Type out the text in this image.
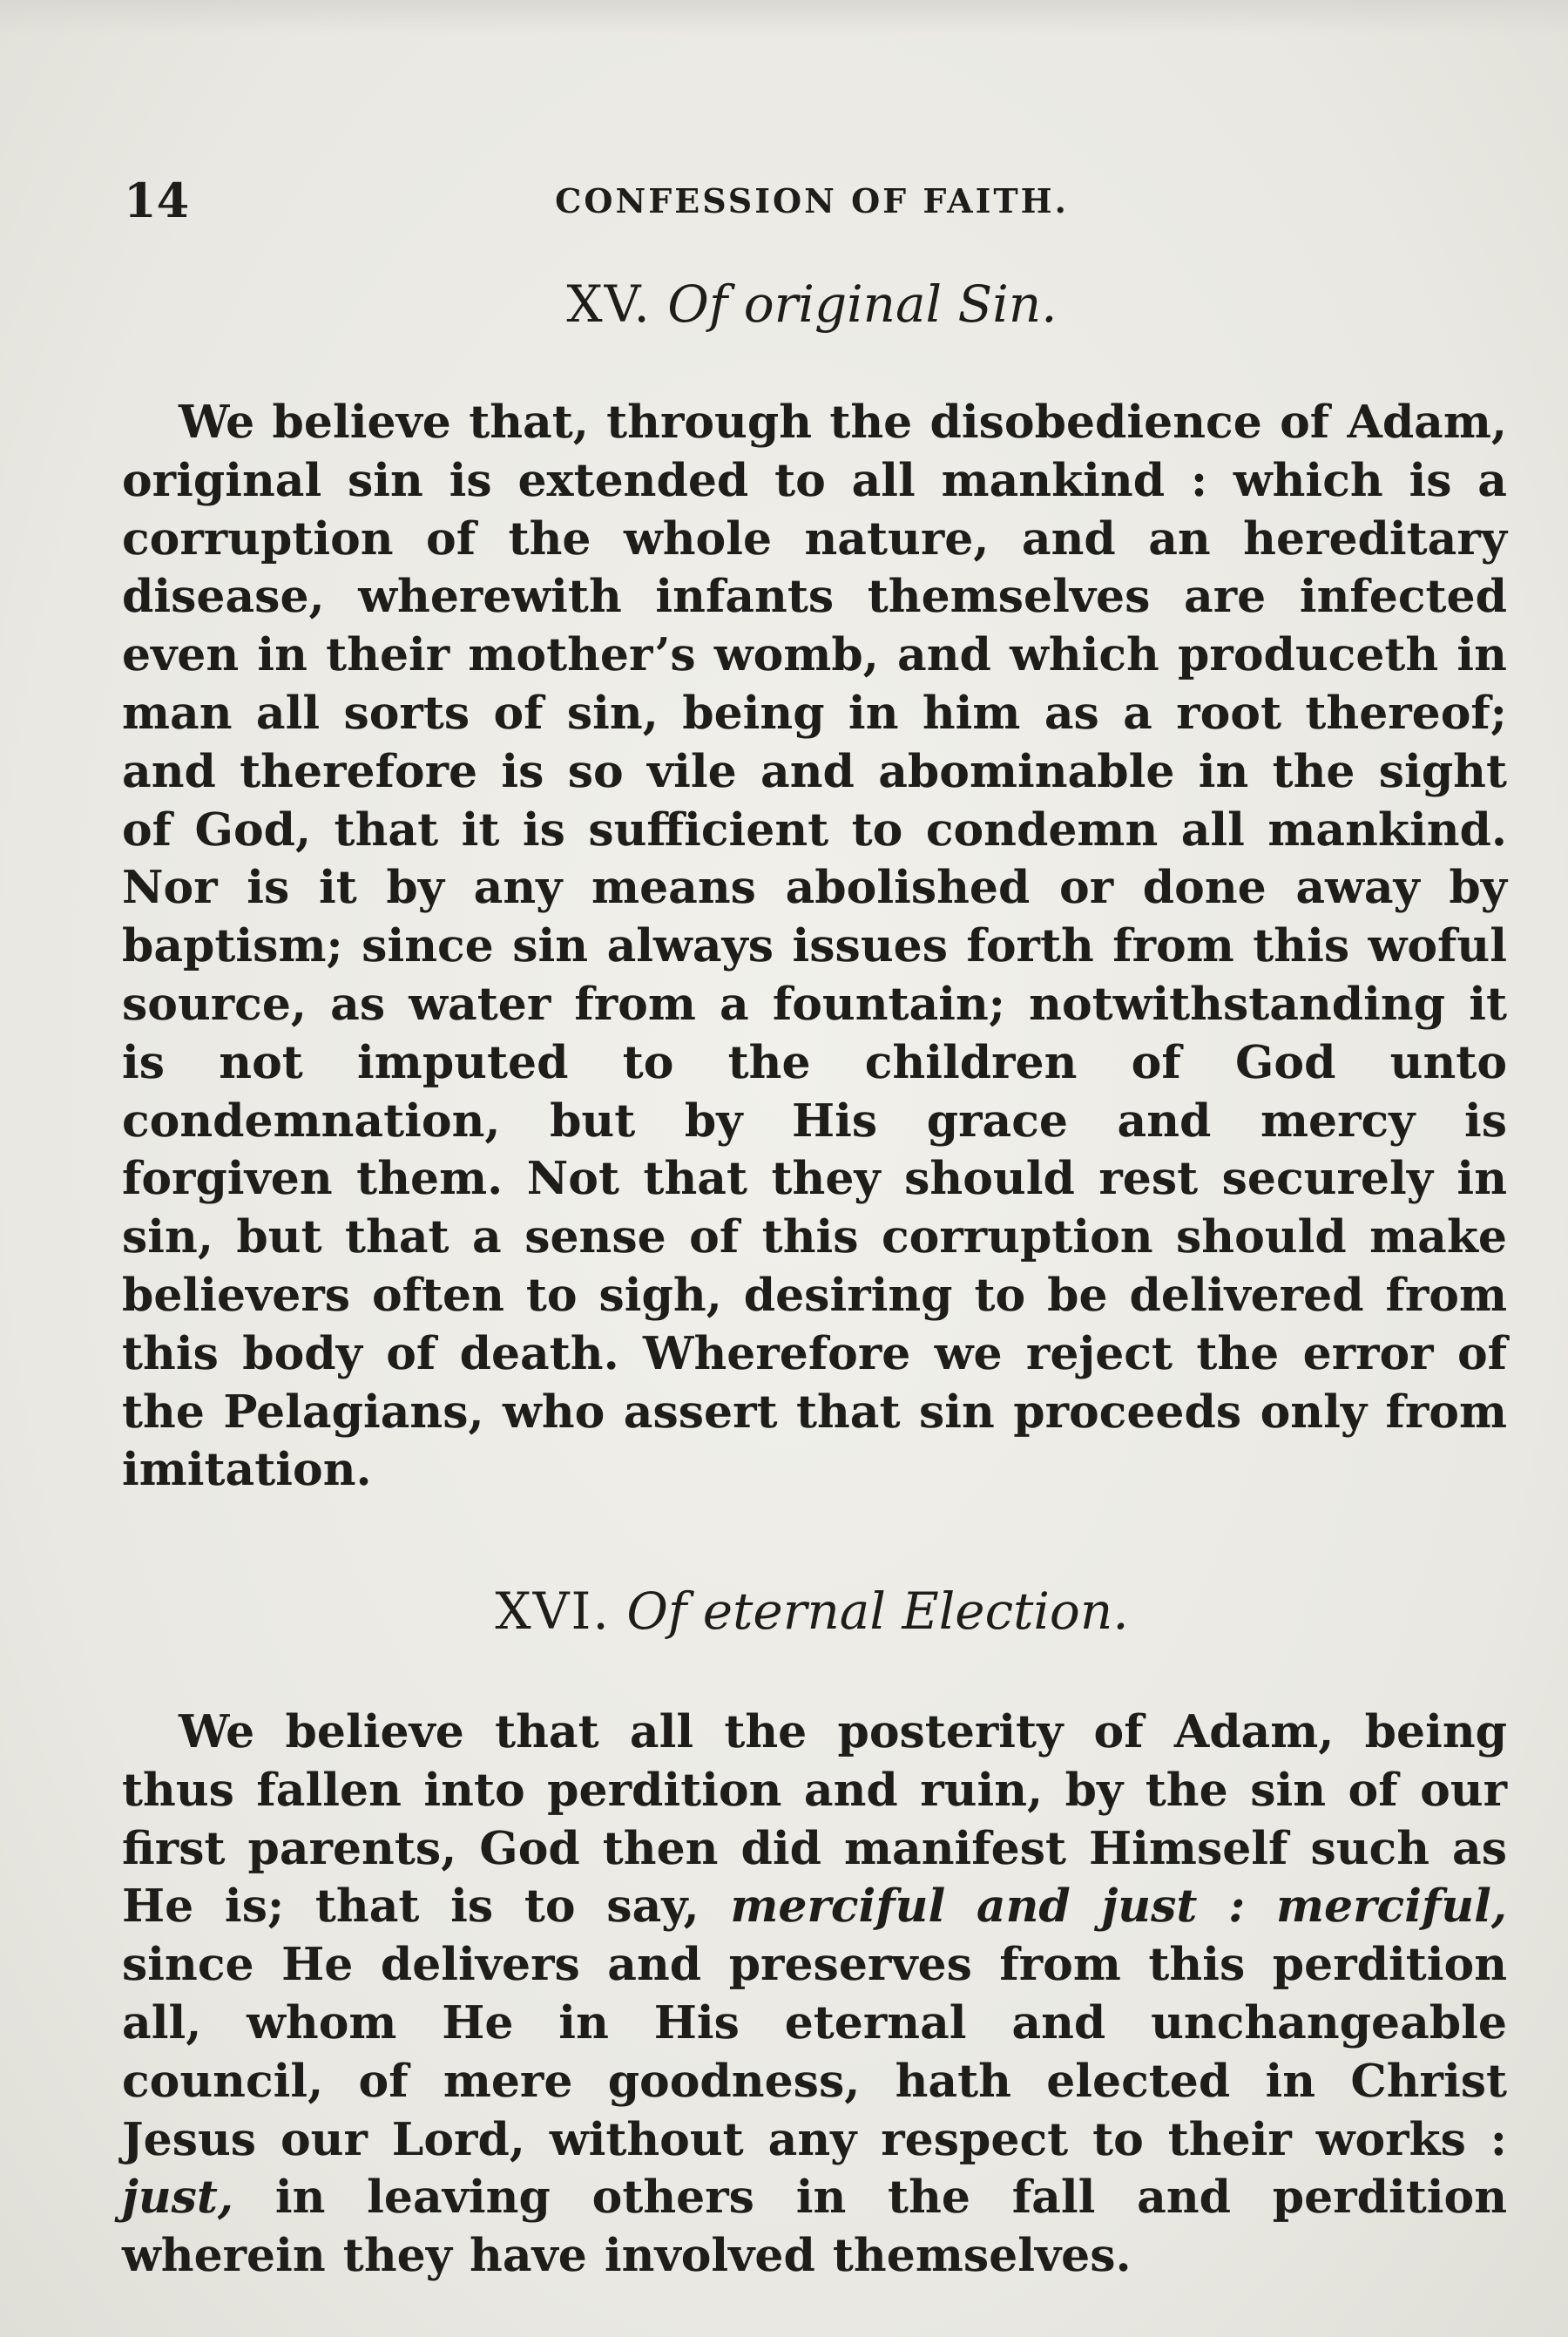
14	CONFESSION OF FAITH.
XV. Of original Sin.

We believe that, through the disobedience of Adam, original sin is extended to all mankind : which is a corruption of the whole nature, and an hereditary disease, wherewith infants themselves are infected even in their mother’s womb, and which produceth in man all sorts of sin, being in him as a root thereof; and therefore is so vile and abominable in the sight of God, that it is sufficient to condemn all mankind. Nor is it by any means abolished or done away by baptism; since sin always issues forth from this woful source, as water from a fountain; notwithstanding it is not imputed to the children of God unto condemnation, but by His grace and mercy is forgiven them. Not that they should rest securely in sin, but that a sense of this corruption should make believers often to sigh, desiring to be delivered from this body of death. Wherefore we reject the error of the Pelagians, who assert that sin proceeds only from imitation.

XVI. Of eternal Election.

We believe that all the posterity of Adam, being thus fallen into perdition and ruin, by the sin of our first parents, God then did manifest Himself such as He is; that is to say, merciful and just : merciful, since He delivers and preserves from this perdition all, whom He in His eternal and unchangeable council, of mere goodness, hath elected in Christ Jesus our Lord, without any respect to their works : just, in leaving others in the fall and perdition wherein they have involved themselves.
